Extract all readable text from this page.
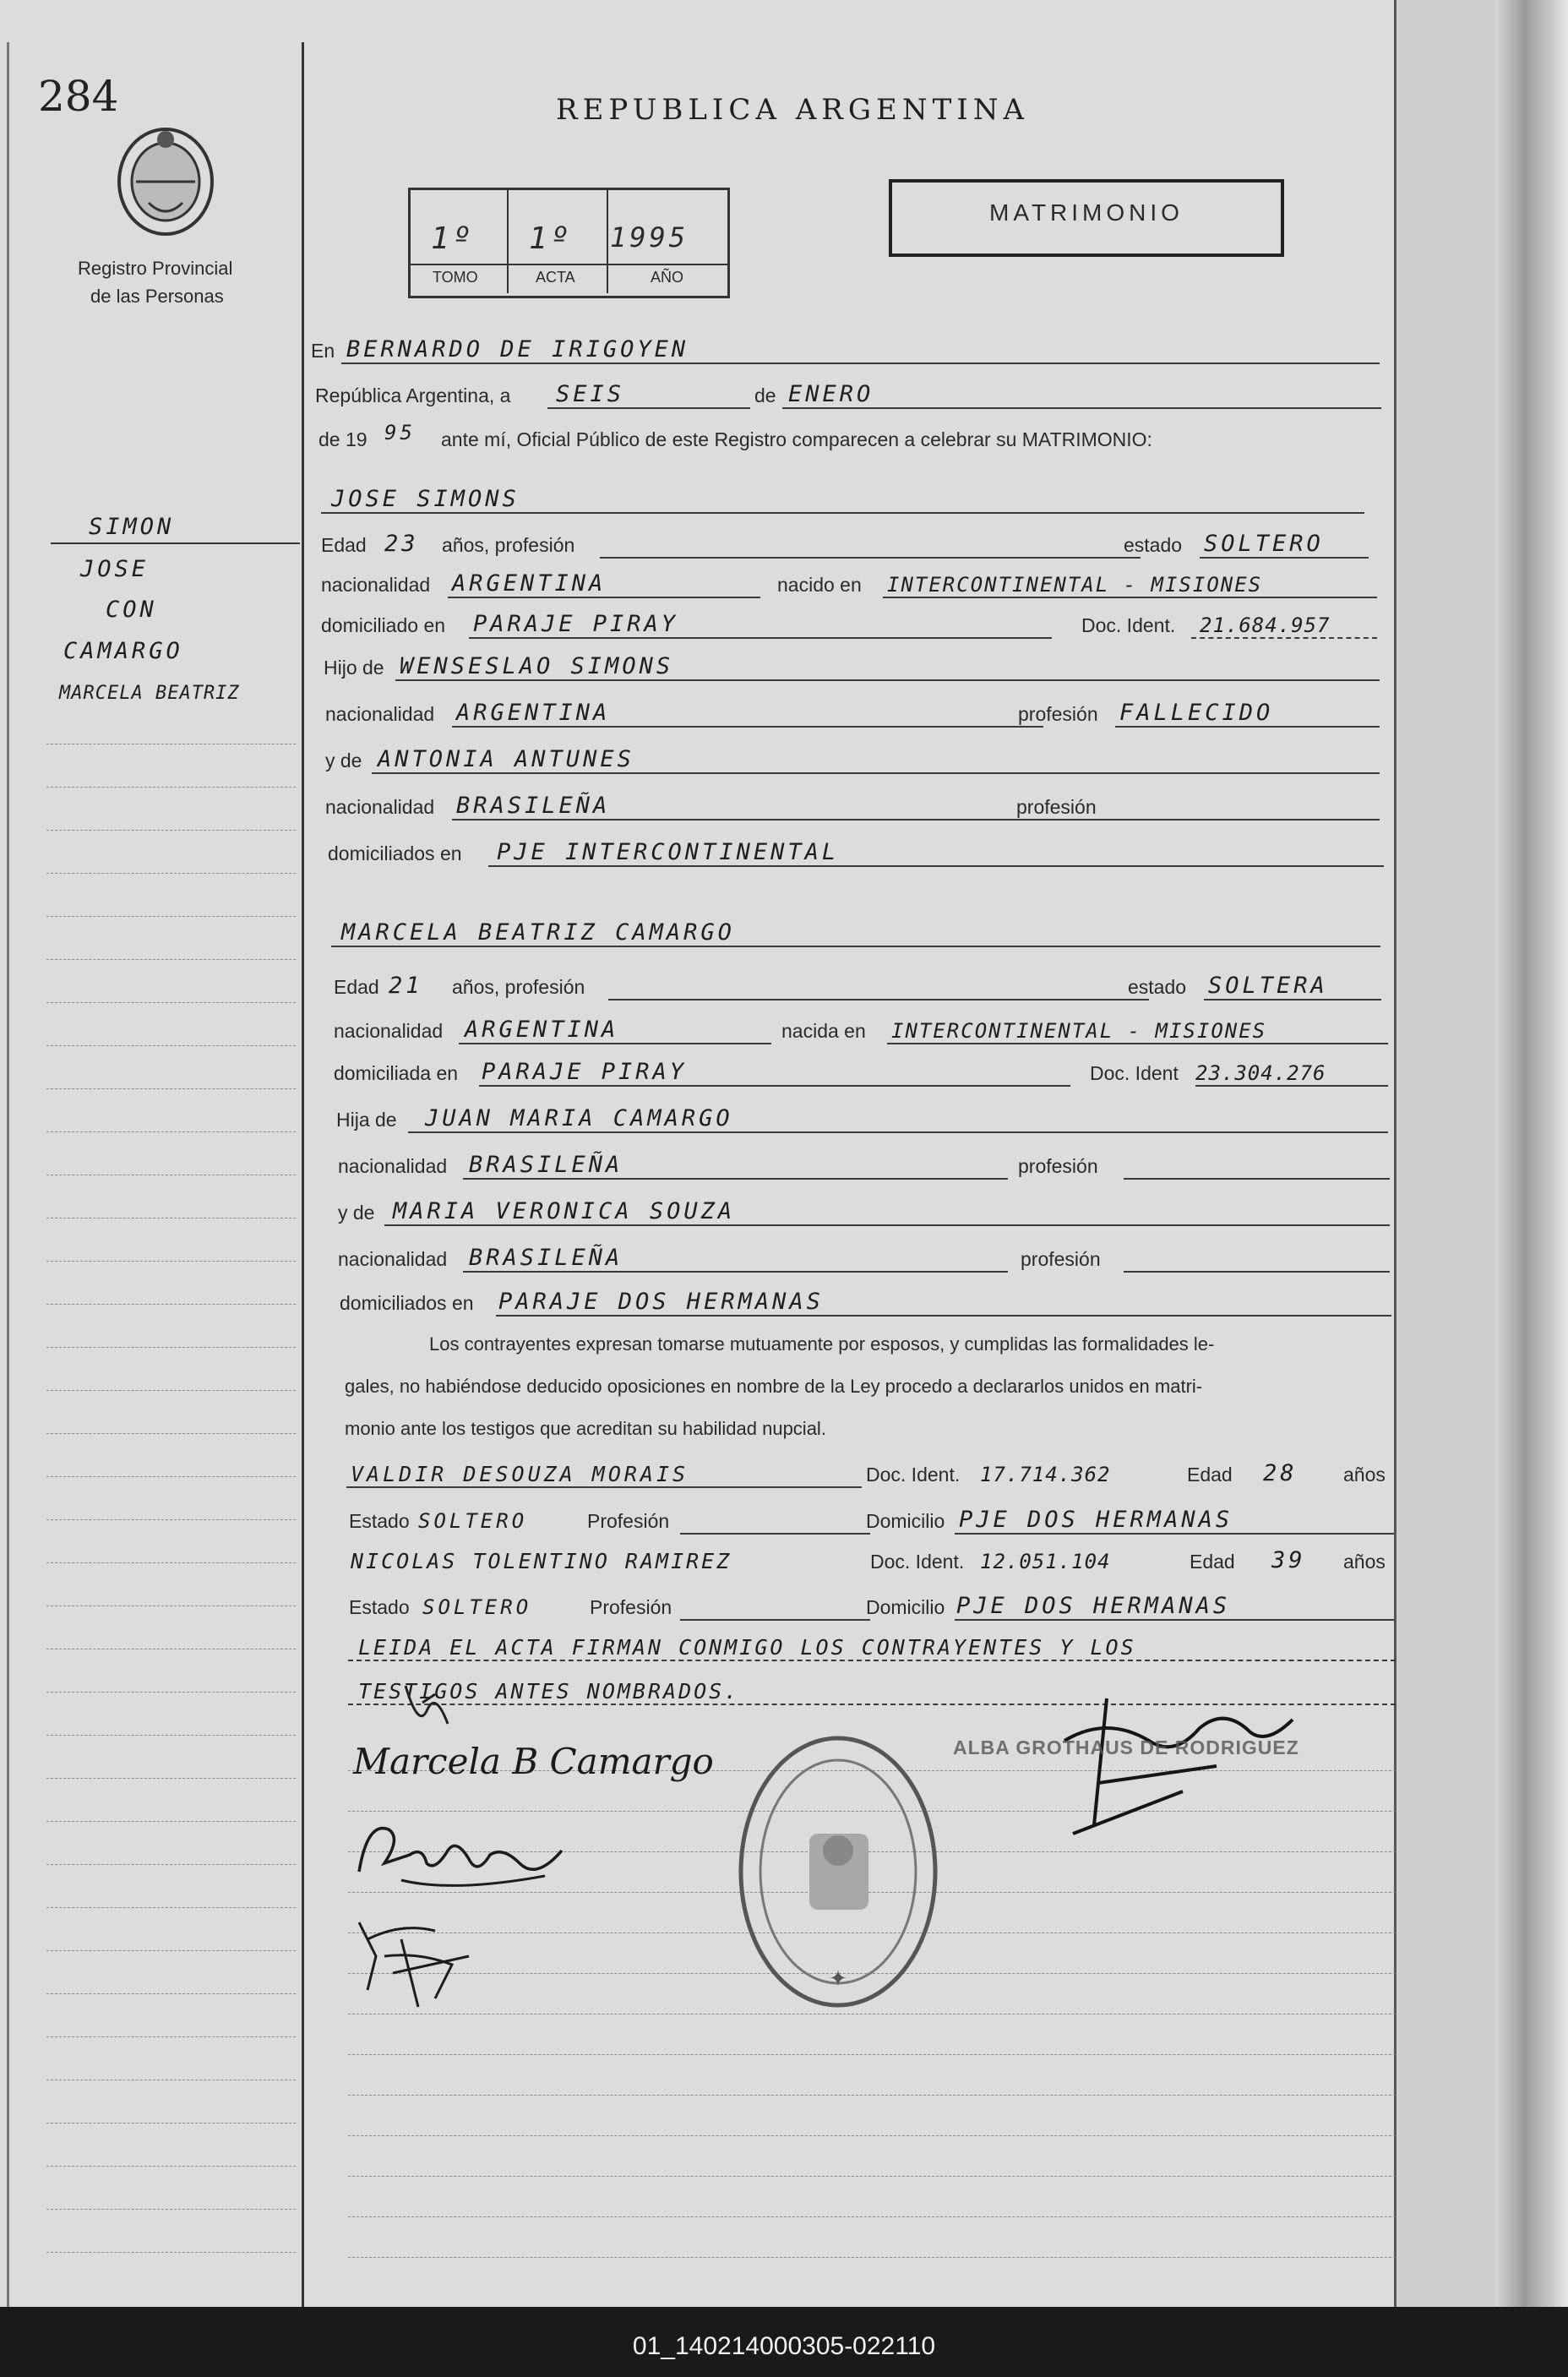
01_140214000305-022110
284
Registro Provincial
de las Personas
REPUBLICA ARGENTINA
MATRIMONIO
1º 1º 1995
TOMO	ACTA	AÑO
SIMON
JOSE
CON
CAMARGO
MARCELA BEATRIZ
En BERNARDO DE IRIGOYEN
República Argentina, a SEIS	de ENERO
de 19 95 ante mí, Oficial Público de este Registro comparecen a celebrar su MATRIMONIO:
JOSE SIMONS
Edad 23 años, profesión	estado SOLTERO
nacionalidad ARGENTINA	nacido en INTERCONTINENTAL - MISIONES
domiciliado en PARAJE PIRAY	Doc. Ident. 21.684.957
Hijo de WENSESLAO SIMONS
nacionalidad ARGENTINA	profesión FALLECIDO
y de ANTONIA ANTUNES
nacionalidad BRASILEÑA	profesión
domiciliados en PJE INTERCONTINENTAL
MARCELA BEATRIZ CAMARGO
Edad 21 años, profesión	estado SOLTERA
nacionalidad ARGENTINA	nacida en INTERCONTINENTAL - MISIONES
domiciliada en PARAJE PIRAY	Doc. Ident 23.304.276
Hija de JUAN MARIA CAMARGO
nacionalidad BRASILEÑA	profesión
y de MARIA VERONICA SOUZA
nacionalidad BRASILEÑA	profesión
domiciliados en PARAJE DOS HERMANAS
Los contrayentes expresan tomarse mutuamente por esposos, y cumplidas las formalidades le-
gales, no habiéndose deducido oposiciones en nombre de la Ley procedo a declararlos unidos en matri-
monio ante los testigos que acreditan su habilidad nupcial.
VALDIR DESOUZA MORAIS	Doc. Ident. 17.714.362	Edad 28 años
Estado SOLTERO	Profesión	Domicilio PJE DOS HERMANAS
NICOLAS TOLENTINO RAMIREZ	Doc. Ident. 12.051.104	Edad 39 años
Estado SOLTERO	Profesión	Domicilio PJE DOS HERMANAS
LEIDA EL ACTA FIRMAN CONMIGO LOS CONTRAYENTES Y LOS
TESTIGOS ANTES NOMBRADOS.
Marcela B Camargo	ALBA GROTHAUS DE RODRIGUEZ
✦
